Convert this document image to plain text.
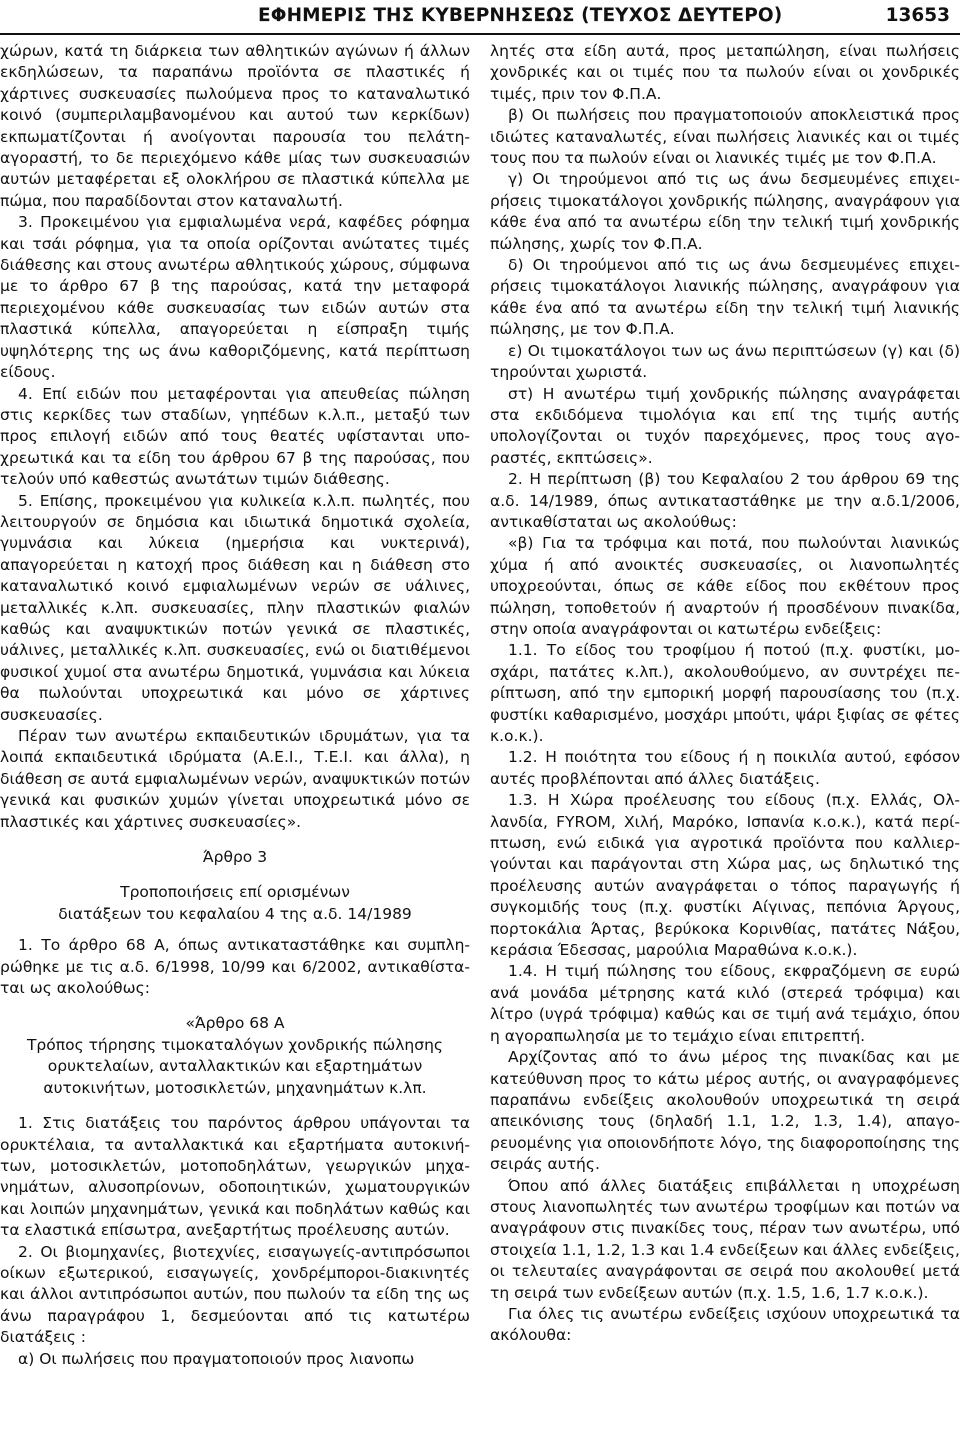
ΕΦΗΜΕΡΙΣ ΤΗΣ ΚΥΒΕΡΝΗΣΕΩΣ (ΤΕΥΧΟΣ ΔΕΥΤΕΡΟ)	13653

χώρων, κατά τη διάρκεια των αθλητικών αγώνων ή άλλων εκδηλώσεων, τα παραπάνω προϊόντα σε πλαστικές ή χάρτινες συσκευασίες πωλούμενα προς το καταναλωτικό κοινό (συμπεριλαμβανομένου και αυτού των κερκίδων) εκπωματίζονται ή ανοίγονται παρουσία του πελάτη-αγοραστή, το δε περιεχόμενο κάθε μίας των συσκευασιών αυτών μεταφέρεται εξ ολοκλήρου σε πλαστικά κύπελλα με πώμα, που παραδίδονται στον καταναλωτή.

3. Προκειμένου για εμφιαλωμένα νερά, καφέδες ρόφημα και τσάι ρόφημα, για τα οποία ορίζονται ανώτατες τιμές διάθεσης και στους ανωτέρω αθλητικούς χώρους, σύμφωνα με το άρθρο 67 β της παρούσας, κατά την μεταφορά περιεχομένου κάθε συσκευασίας των ειδών αυτών στα πλαστικά κύπελλα, απαγορεύεται η είσπραξη τιμής υψηλότερης της ως άνω καθοριζόμενης, κατά περίπτωση είδους.

4. Επί ειδών που μεταφέρονται για απευθείας πώληση στις κερκίδες των σταδίων, γηπέδων κ.λ.π., μεταξύ των προς επιλογή ειδών από τους θεατές υφίστανται υποχρεωτικά και τα είδη του άρθρου 67 β της παρούσας, που τελούν υπό καθεστώς ανωτάτων τιμών διάθεσης.

5. Επίσης, προκειμένου για κυλικεία κ.λ.π. πωλητές, που λειτουργούν σε δημόσια και ιδιωτικά δημοτικά σχολεία, γυμνάσια και λύκεια (ημερήσια και νυκτερινά), απαγορεύεται η κατοχή προς διάθεση και η διάθεση στο καταναλωτικό κοινό εμφιαλωμένων νερών σε υάλινες, μεταλλικές κ.λπ. συσκευασίες, πλην πλαστικών φιαλών καθώς και αναψυκτικών ποτών γενικά σε πλαστικές, υάλινες, μεταλλικές κ.λπ. συσκευασίες, ενώ οι διατιθέμενοι φυσικοί χυμοί στα ανωτέρω δημοτικά, γυμνάσια και λύκεια θα πωλούνται υποχρεωτικά και μόνο σε χάρτινες συσκευασίες.

Πέραν των ανωτέρω εκπαιδευτικών ιδρυμάτων, για τα λοιπά εκπαιδευτικά ιδρύματα (Α.Ε.Ι., Τ.Ε.Ι. και άλλα), η διάθεση σε αυτά εμφιαλωμένων νερών, αναψυκτικών ποτών γενικά και φυσικών χυμών γίνεται υποχρεωτικά μόνο σε πλαστικές και χάρτινες συσκευασίες».

Άρθρο 3

Τροποποιήσεις επί ορισμένων

διατάξεων του κεφαλαίου 4 της α.δ. 14/1989

1. Το άρθρο 68 Α, όπως αντικαταστάθηκε και συμπληρώθηκε με τις α.δ. 6/1998, 10/99 και 6/2002, αντικαθίσταται ως ακολούθως:

«Άρθρο 68 Α

Τρόπος τήρησης τιμοκαταλόγων χονδρικής πώλησης

ορυκτελαίων, ανταλλακτικών και εξαρτημάτων

αυτοκινήτων, μοτοσικλετών, μηχανημάτων κ.λπ.

1. Στις διατάξεις του παρόντος άρθρου υπάγονται τα ορυκτέλαια, τα ανταλλακτικά και εξαρτήματα αυτοκινήτων, μοτοσικλετών, μοτοποδηλάτων, γεωργικών μηχανημάτων, αλυσοπρίονων, οδοποιητικών, χωματουργικών και λοιπών μηχανημάτων, γενικά και ποδηλάτων καθώς και τα ελαστικά επίσωτρα, ανεξαρτήτως προέλευσης αυτών.

2. Οι βιομηχανίες, βιοτεχνίες, εισαγωγείς-αντιπρόσωποι οίκων εξωτερικού, εισαγωγείς, χονδρέμποροι-διακινητές και άλλοι αντιπρόσωποι αυτών, που πωλούν τα είδη της ως άνω παραγράφου 1, δεσμεύονται από τις κατωτέρω διατάξεις :

α) Οι πωλήσεις που πραγματοποιούν προς λιανοπω

λητές στα είδη αυτά, προς μεταπώληση, είναι πωλήσεις χονδρικές και οι τιμές που τα πωλούν είναι οι χονδρικές τιμές, πριν τον Φ.Π.Α.

β) Οι πωλήσεις που πραγματοποιούν αποκλειστικά προς ιδιώτες καταναλωτές, είναι πωλήσεις λιανικές και οι τιμές τους που τα πωλούν είναι οι λιανικές τιμές με τον Φ.Π.Α.

γ) Οι τηρούμενοι από τις ως άνω δεσμευμένες επιχειρήσεις τιμοκατάλογοι χονδρικής πώλησης, αναγράφουν για κάθε ένα από τα ανωτέρω είδη την τελική τιμή χονδρικής πώλησης, χωρίς τον Φ.Π.Α.

δ) Οι τηρούμενοι από τις ως άνω δεσμευμένες επιχειρήσεις τιμοκατάλογοι λιανικής πώλησης, αναγράφουν για κάθε ένα από τα ανωτέρω είδη την τελική τιμή λιανικής πώλησης, με τον Φ.Π.Α.

ε) Οι τιμοκατάλογοι των ως άνω περιπτώσεων (γ) και (δ) τηρούνται χωριστά.

στ) Η ανωτέρω τιμή χονδρικής πώλησης αναγράφεται στα εκδιδόμενα τιμολόγια και επί της τιμής αυτής υπολογίζονται οι τυχόν παρεχόμενες, προς τους αγοραστές, εκπτώσεις».

2. Η περίπτωση (β) του Κεφαλαίου 2 του άρθρου 69 της α.δ. 14/1989, όπως αντικαταστάθηκε με την α.δ.1/2006, αντικαθίσταται ως ακολούθως:

«β) Για τα τρόφιμα και ποτά, που πωλούνται λιανικώς χύμα ή από ανοικτές συσκευασίες, οι λιανοπωλητές υποχρεούνται, όπως σε κάθε είδος που εκθέτουν προς πώληση, τοποθετούν ή αναρτούν ή προσδένουν πινακίδα, στην οποία αναγράφονται οι κατωτέρω ενδείξεις:

1.1. Το είδος του τροφίμου ή ποτού (π.χ. φυστίκι, μοσχάρι, πατάτες κ.λπ.), ακολουθούμενο, αν συντρέχει περίπτωση, από την εμπορική μορφή παρουσίασης του (π.χ. φυστίκι καθαρισμένο, μοσχάρι μπούτι, ψάρι ξιφίας σε φέτες κ.ο.κ.).

1.2. Η ποιότητα του είδους ή η ποικιλία αυτού, εφόσον αυτές προβλέπονται από άλλες διατάξεις.

1.3. Η Χώρα προέλευσης του είδους (π.χ. Ελλάς, Ολλανδία, FYROM, Χιλή, Μαρόκο, Ισπανία κ.ο.κ.), κατά περίπτωση, ενώ ειδικά για αγροτικά προϊόντα που καλλιεργούνται και παράγονται στη Χώρα μας, ως δηλωτικό της προέλευσης αυτών αναγράφεται ο τόπος παραγωγής ή συγκομιδής τους (π.χ. φυστίκι Αίγινας, πεπόνια Άργους, πορτοκάλια Άρτας, βερύκοκα Κορινθίας, πατάτες Νάξου, κεράσια Έδεσσας, μαρούλια Μαραθώνα κ.ο.κ.).

1.4. Η τιμή πώλησης του είδους, εκφραζόμενη σε ευρώ ανά μονάδα μέτρησης κατά κιλό (στερεά τρόφιμα) και λίτρο (υγρά τρόφιμα) καθώς και σε τιμή ανά τεμάχιο, όπου η αγοραπωλησία με το τεμάχιο είναι επιτρεπτή.

Αρχίζοντας από το άνω μέρος της πινακίδας και με κατεύθυνση προς το κάτω μέρος αυτής, οι αναγραφόμενες παραπάνω ενδείξεις ακολουθούν υποχρεωτικά τη σειρά απεικόνισης τους (δηλαδή 1.1, 1.2, 1.3, 1.4), απαγορευομένης για οποιονδήποτε λόγο, της διαφοροποίησης της σειράς αυτής.

Όπου από άλλες διατάξεις επιβάλλεται η υποχρέωση στους λιανοπωλητές των ανωτέρω τροφίμων και ποτών να αναγράφουν στις πινακίδες τους, πέραν των ανωτέρω, υπό στοιχεία 1.1, 1.2, 1.3 και 1.4 ενδείξεων και άλλες ενδείξεις, οι τελευταίες αναγράφονται σε σειρά που ακολουθεί μετά τη σειρά των ενδείξεων αυτών (π.χ. 1.5, 1.6, 1.7 κ.ο.κ.).

Για όλες τις ανωτέρω ενδείξεις ισχύουν υποχρεωτικά τα ακόλουθα:
